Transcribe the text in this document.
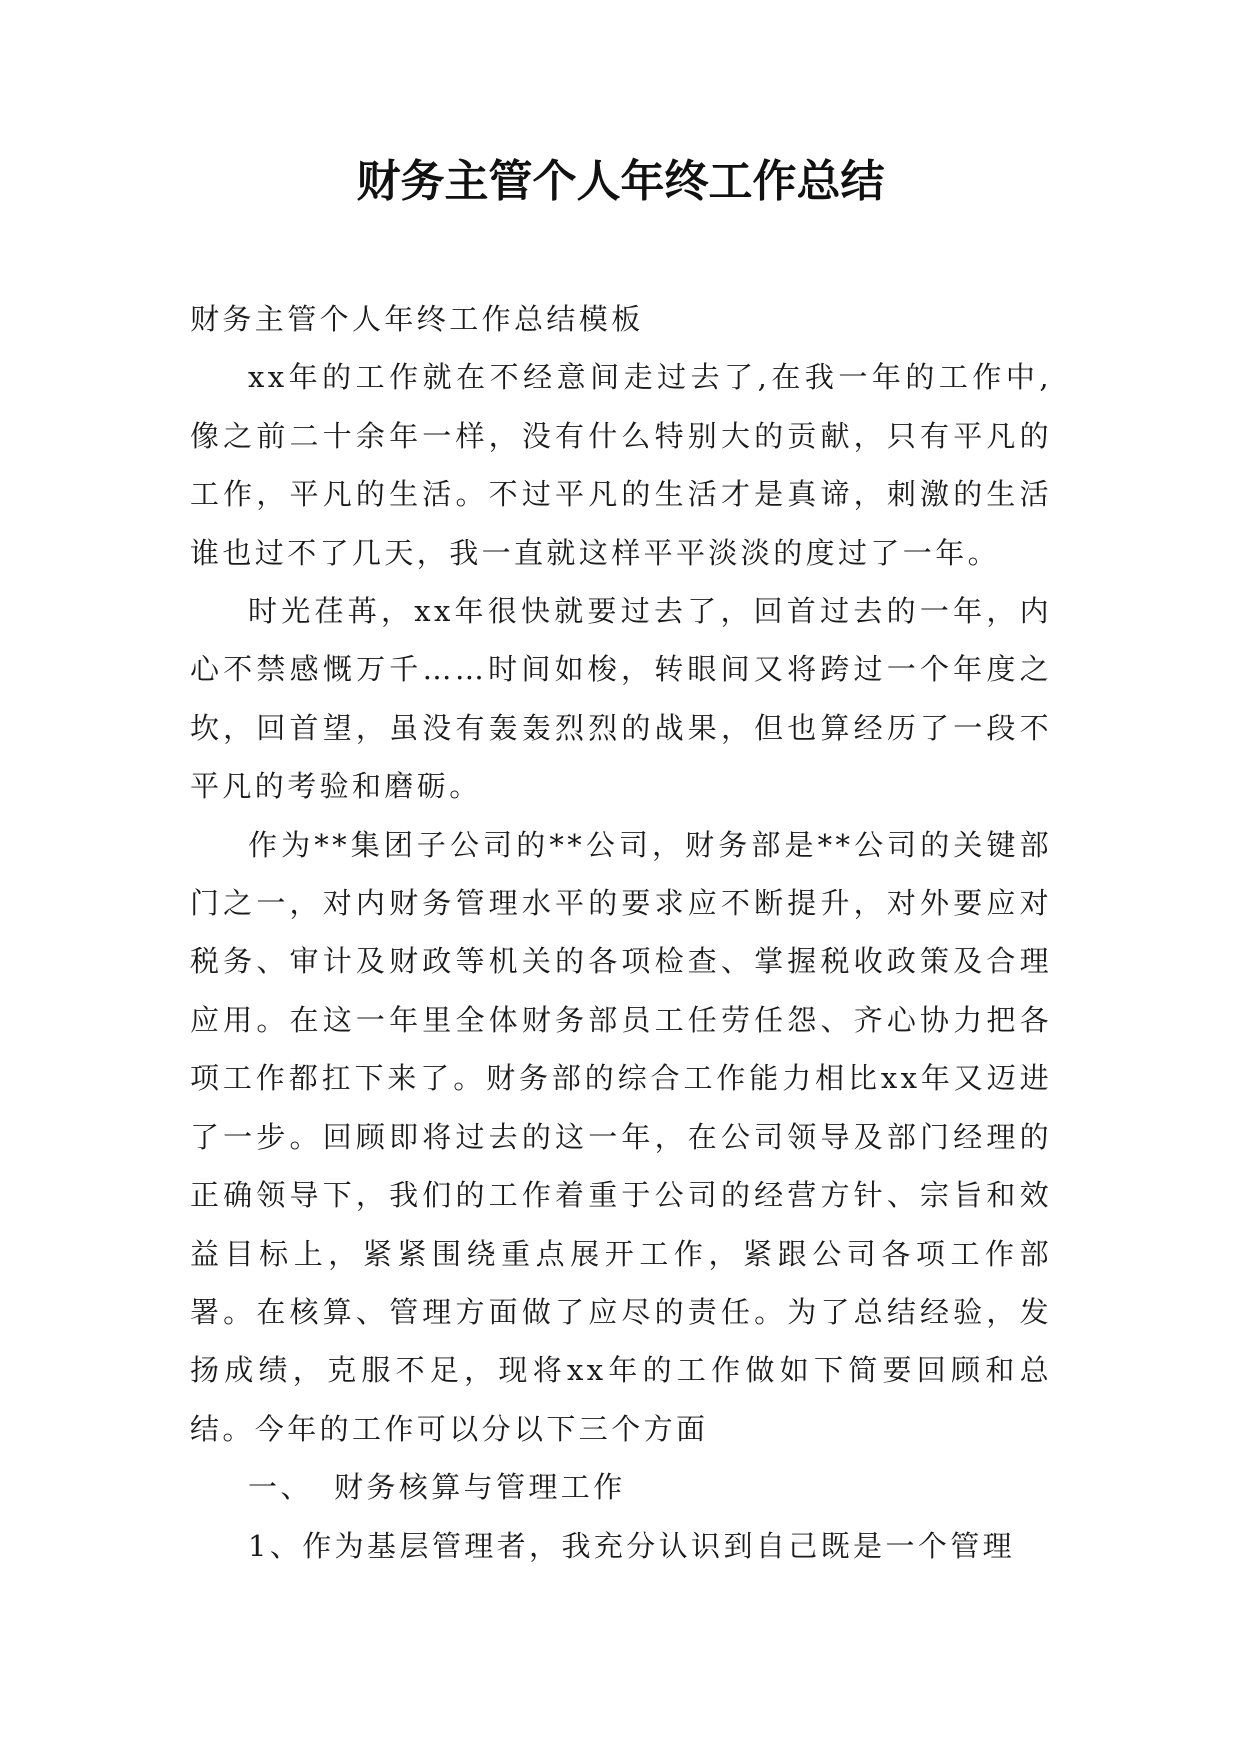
财务主管个人年终工作总结

财务主管个人年终工作总结模板

xx年的工作就在不经意间走过去了,在我一年的工作中,像之前二十余年一样，没有什么特别大的贡献，只有平凡的工作，平凡的生活。不过平凡的生活才是真谛，刺激的生活谁也过不了几天，我一直就这样平平淡淡的度过了一年。

时光荏苒，xx年很快就要过去了，回首过去的一年，内心不禁感慨万千……时间如梭，转眼间又将跨过一个年度之坎，回首望，虽没有轰轰烈烈的战果，但也算经历了一段不平凡的考验和磨砺。

作为**集团子公司的**公司，财务部是**公司的关键部门之一，对内财务管理水平的要求应不断提升，对外要应对税务、审计及财政等机关的各项检查、掌握税收政策及合理应用。在这一年里全体财务部员工任劳任怨、齐心协力把各项工作都扛下来了。财务部的综合工作能力相比xx年又迈进了一步。回顾即将过去的这一年，在公司领导及部门经理的正确领导下，我们的工作着重于公司的经营方针、宗旨和效益目标上，紧紧围绕重点展开工作，紧跟公司各项工作部署。在核算、管理方面做了应尽的责任。为了总结经验，发扬成绩，克服不足，现将xx年的工作做如下简要回顾和总结。今年的工作可以分以下三个方面

一、 财务核算与管理工作

1、作为基层管理者，我充分认识到自己既是一个管理
